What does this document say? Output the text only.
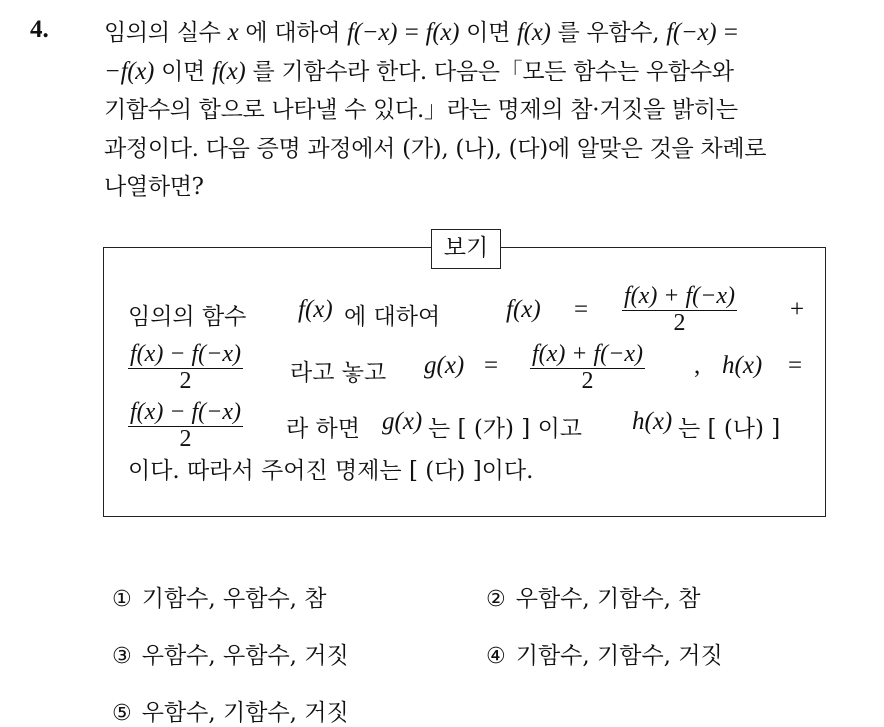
4. 임의의 실수 x 에 대하여 f(−x) = f(x) 이면 f(x) 를 우함수, f(−x) =

−f(x) 이면 f(x) 를 기함수라 한다. 다음은「모든 함수는 우함수와

기함수의 합으로 나타낼 수 있다.」라는 명제의 참·거짓을 밝히는

과정이다. 다음 증명 과정에서 (가), (나), (다)에 알맞은 것을 차례로

나열하면?

보기
임의의 함수 f(x) 에 대하여	$f(x) = \frac{f(x) + f(-x)}{2}$ +
$\frac{f(x) - f(-x)}{2}$ 라고 놓고 $g(x) = \frac{f(x) + f(-x)}{2}$ , h(x) =
$\frac{f(x) - f(-x)}{2}$ 라 하면 g(x) 는 [ (가) ] 이고 h(x) 는 [ (나) ]
이다. 따라서 주어진 명제는 [ (다) ]이다.
① 기함수, 우함수, 참	② 우함수, 기함수, 참
③ 우함수, 우함수, 거짓	④ 기함수, 기함수, 거짓
⑤ 우함수, 기함수, 거짓
